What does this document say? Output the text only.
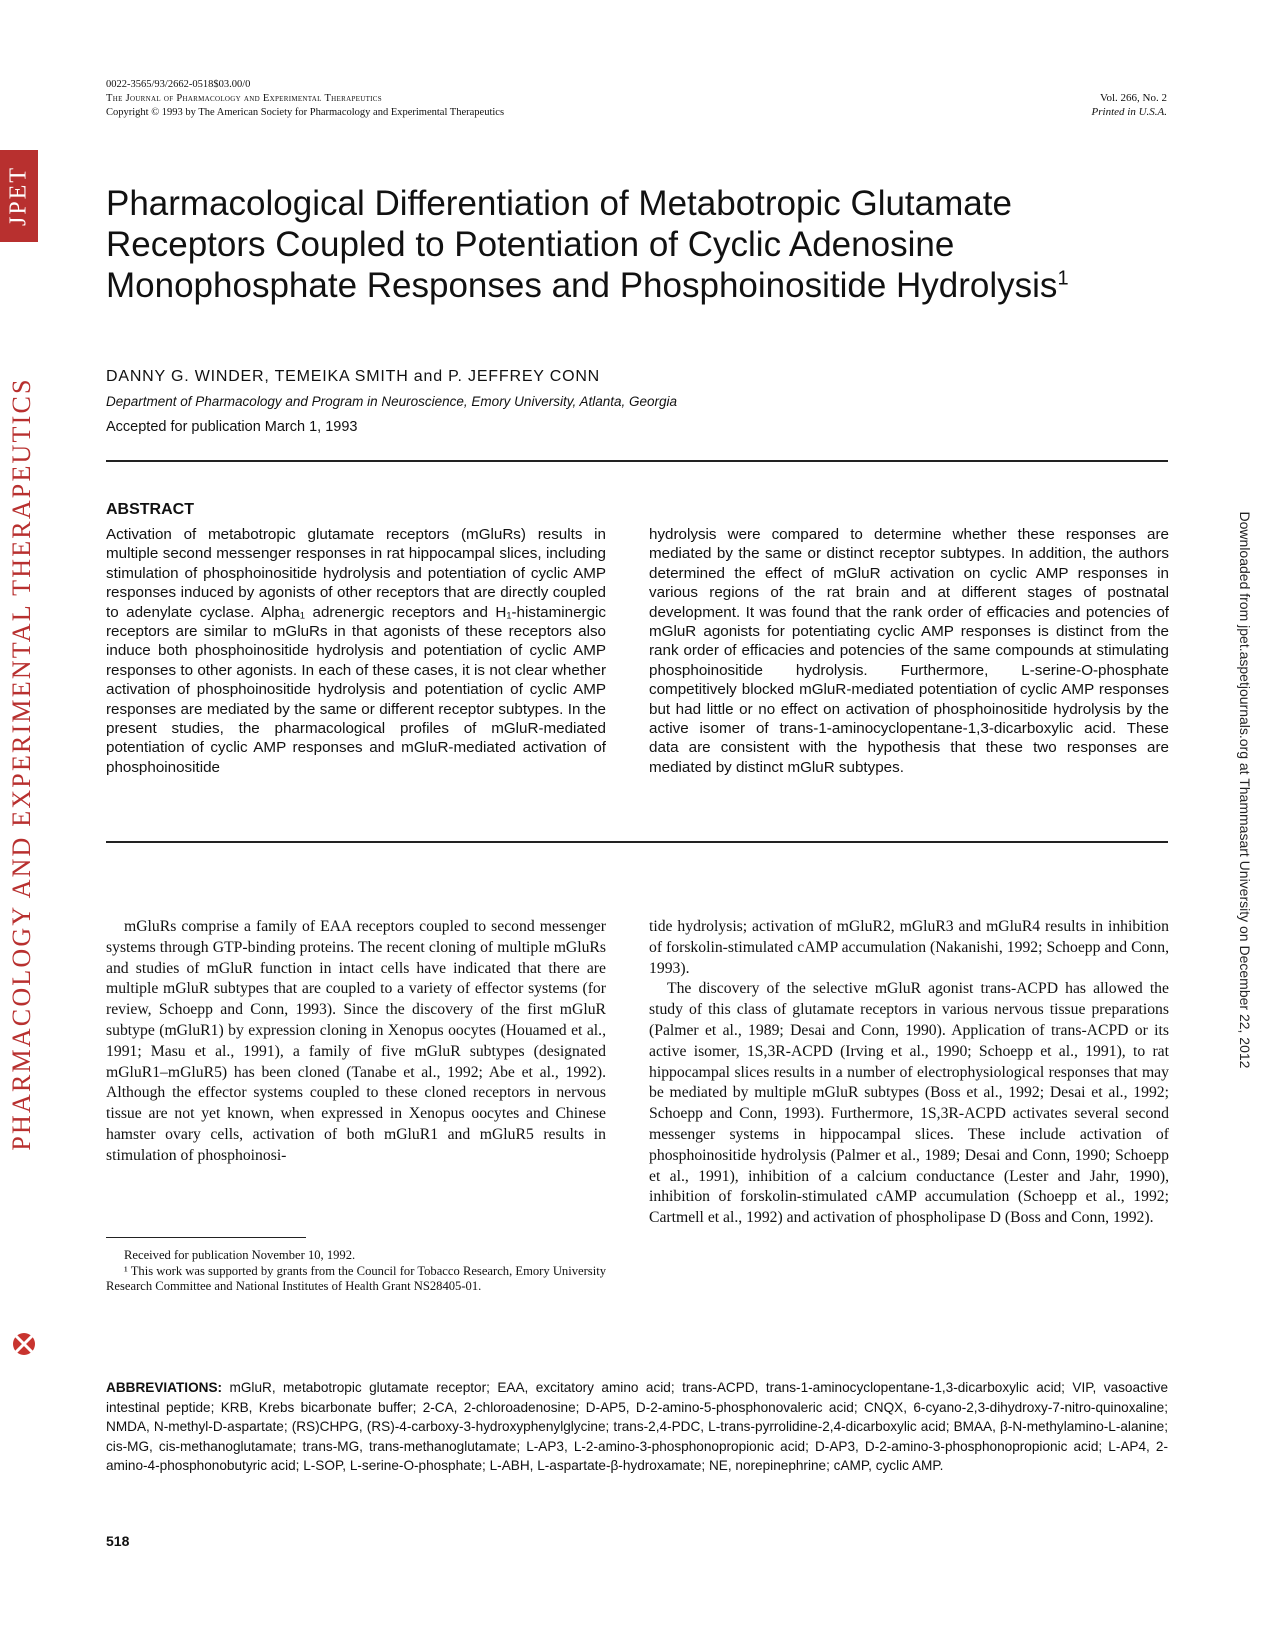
0022-3565/93/2662-0518$03.00/0
The Journal of Pharmacology and Experimental Therapeutics
Copyright © 1993 by The American Society for Pharmacology and Experimental Therapeutics
Vol. 266, No. 2
Printed in U.S.A.
JPET
PHARMACOLOGY AND EXPERIMENTAL THERAPEUTICS	Downloaded from jpet.aspetjournals.org at Thammasart University on December 22, 2012
Pharmacological Differentiation of Metabotropic Glutamate Receptors Coupled to Potentiation of Cyclic Adenosine Monophosphate Responses and Phosphoinositide Hydrolysis$^1$
DANNY G. WINDER, TEMEIKA SMITH and P. JEFFREY CONN
Department of Pharmacology and Program in Neuroscience, Emory University, Atlanta, Georgia
Accepted for publication March 1, 1993
ABSTRACT
Activation of metabotropic glutamate receptors (mGluRs) results in multiple second messenger responses in rat hippocampal slices, including stimulation of phosphoinositide hydrolysis and potentiation of cyclic AMP responses induced by agonists of other receptors that are directly coupled to adenylate cyclase. Alpha₁ adrenergic receptors and H₁-histaminergic receptors are similar to mGluRs in that agonists of these receptors also induce both phosphoinositide hydrolysis and potentiation of cyclic AMP responses to other agonists. In each of these cases, it is not clear whether activation of phosphoinositide hydrolysis and potentiation of cyclic AMP responses are mediated by the same or different receptor subtypes. In the present studies, the pharmacological profiles of mGluR-mediated potentiation of cyclic AMP responses and mGluR-mediated activation of phosphoinositide
hydrolysis were compared to determine whether these responses are mediated by the same or distinct receptor subtypes. In addition, the authors determined the effect of mGluR activation on cyclic AMP responses in various regions of the rat brain and at different stages of postnatal development. It was found that the rank order of efficacies and potencies of mGluR agonists for potentiating cyclic AMP responses is distinct from the rank order of efficacies and potencies of the same compounds at stimulating phosphoinositide hydrolysis. Furthermore, L-serine-O-phosphate competitively blocked mGluR-mediated potentiation of cyclic AMP responses but had little or no effect on activation of phosphoinositide hydrolysis by the active isomer of trans-1-aminocyclopentane-1,3-dicarboxylic acid. These data are consistent with the hypothesis that these two responses are mediated by distinct mGluR subtypes.

mGluRs comprise a family of EAA receptors coupled to second messenger systems through GTP-binding proteins. The recent cloning of multiple mGluRs and studies of mGluR function in intact cells have indicated that there are multiple mGluR subtypes that are coupled to a variety of effector systems (for review, Schoepp and Conn, 1993). Since the discovery of the first mGluR subtype (mGluR1) by expression cloning in Xenopus oocytes (Houamed et al., 1991; Masu et al., 1991), a family of five mGluR subtypes (designated mGluR1–mGluR5) has been cloned (Tanabe et al., 1992; Abe et al., 1992). Although the effector systems coupled to these cloned receptors in nervous tissue are not yet known, when expressed in Xenopus oocytes and Chinese hamster ovary cells, activation of both mGluR1 and mGluR5 results in stimulation of phosphoinosi-

tide hydrolysis; activation of mGluR2, mGluR3 and mGluR4 results in inhibition of forskolin-stimulated cAMP accumulation (Nakanishi, 1992; Schoepp and Conn, 1993).

The discovery of the selective mGluR agonist trans-ACPD has allowed the study of this class of glutamate receptors in various nervous tissue preparations (Palmer et al., 1989; Desai and Conn, 1990). Application of trans-ACPD or its active isomer, 1S,3R-ACPD (Irving et al., 1990; Schoepp et al., 1991), to rat hippocampal slices results in a number of electrophysiological responses that may be mediated by multiple mGluR subtypes (Boss et al., 1992; Desai et al., 1992; Schoepp and Conn, 1993). Furthermore, 1S,3R-ACPD activates several second messenger systems in hippocampal slices. These include activation of phosphoinositide hydrolysis (Palmer et al., 1989; Desai and Conn, 1990; Schoepp et al., 1991), inhibition of a calcium conductance (Lester and Jahr, 1990), inhibition of forskolin-stimulated cAMP accumulation (Schoepp et al., 1992; Cartmell et al., 1992) and activation of phospholipase D (Boss and Conn, 1992).

Received for publication November 10, 1992.

¹ This work was supported by grants from the Council for Tobacco Research, Emory University Research Committee and National Institutes of Health Grant NS28405-01.

ABBREVIATIONS: mGluR, metabotropic glutamate receptor; EAA, excitatory amino acid; trans-ACPD, trans-1-aminocyclopentane-1,3-dicarboxylic acid; VIP, vasoactive intestinal peptide; KRB, Krebs bicarbonate buffer; 2-CA, 2-chloroadenosine; D-AP5, D-2-amino-5-phosphonovaleric acid; CNQX, 6-cyano-2,3-dihydroxy-7-nitro-quinoxaline; NMDA, N-methyl-D-aspartate; (RS)CHPG, (RS)-4-carboxy-3-hydroxyphenylglycine; trans-2,4-PDC, L-trans-pyrrolidine-2,4-dicarboxylic acid; BMAA, β-N-methylamino-L-alanine; cis-MG, cis-methanoglutamate; trans-MG, trans-methanoglutamate; L-AP3, L-2-amino-3-phosphonopropionic acid; D-AP3, D-2-amino-3-phosphonopropionic acid; L-AP4, 2-amino-4-phosphonobutyric acid; L-SOP, L-serine-O-phosphate; L-ABH, L-aspartate-β-hydroxamate; NE, norepinephrine; cAMP, cyclic AMP.
518
